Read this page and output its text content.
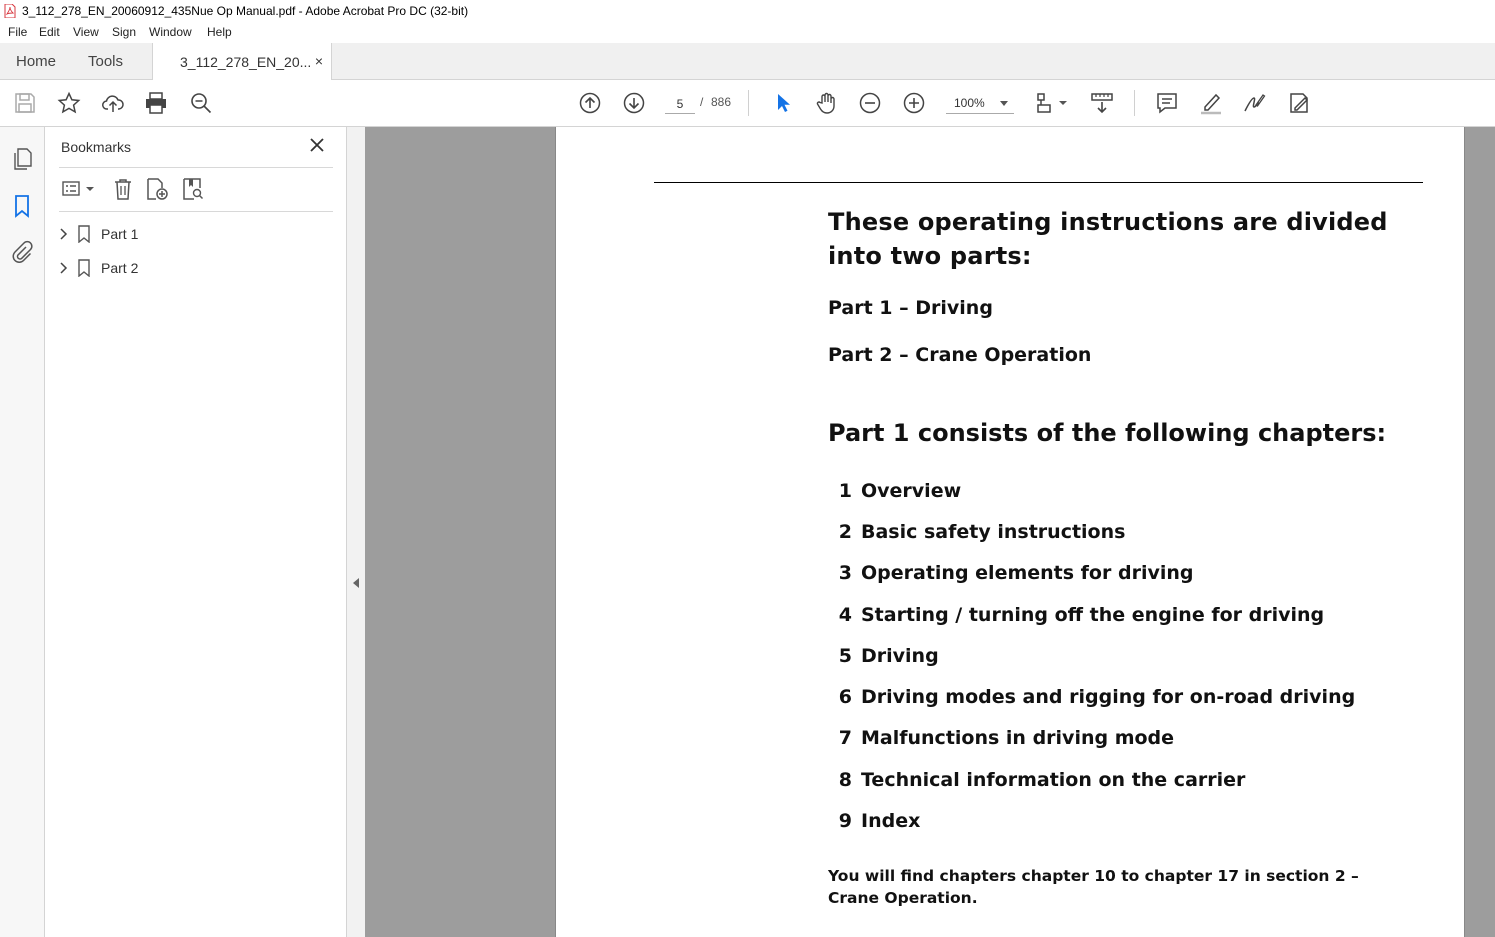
3_112_278_EN_20060912_435Nue Op Manual.pdf - Adobe Acrobat Pro DC (32-bit)
File Edit View Sign Window Help
Home Tools	3_112_278_EN_20... ×
5
/ 886	100%
Bookmarks
Part 1
Part 2
These operating instructions are divided into two parts:
Part 1 – Driving
Part 2 – Crane Operation
Part 1 consists of the following chapters:
1 Overview
2 Basic safety instructions
3 Operating elements for driving
4 Starting / turning off the engine for driving
5 Driving
6 Driving modes and rigging for on-road driving
7 Malfunctions in driving mode
8 Technical information on the carrier
9 Index
You will find chapters chapter 10 to chapter 17 in section 2 – Crane Operation.
